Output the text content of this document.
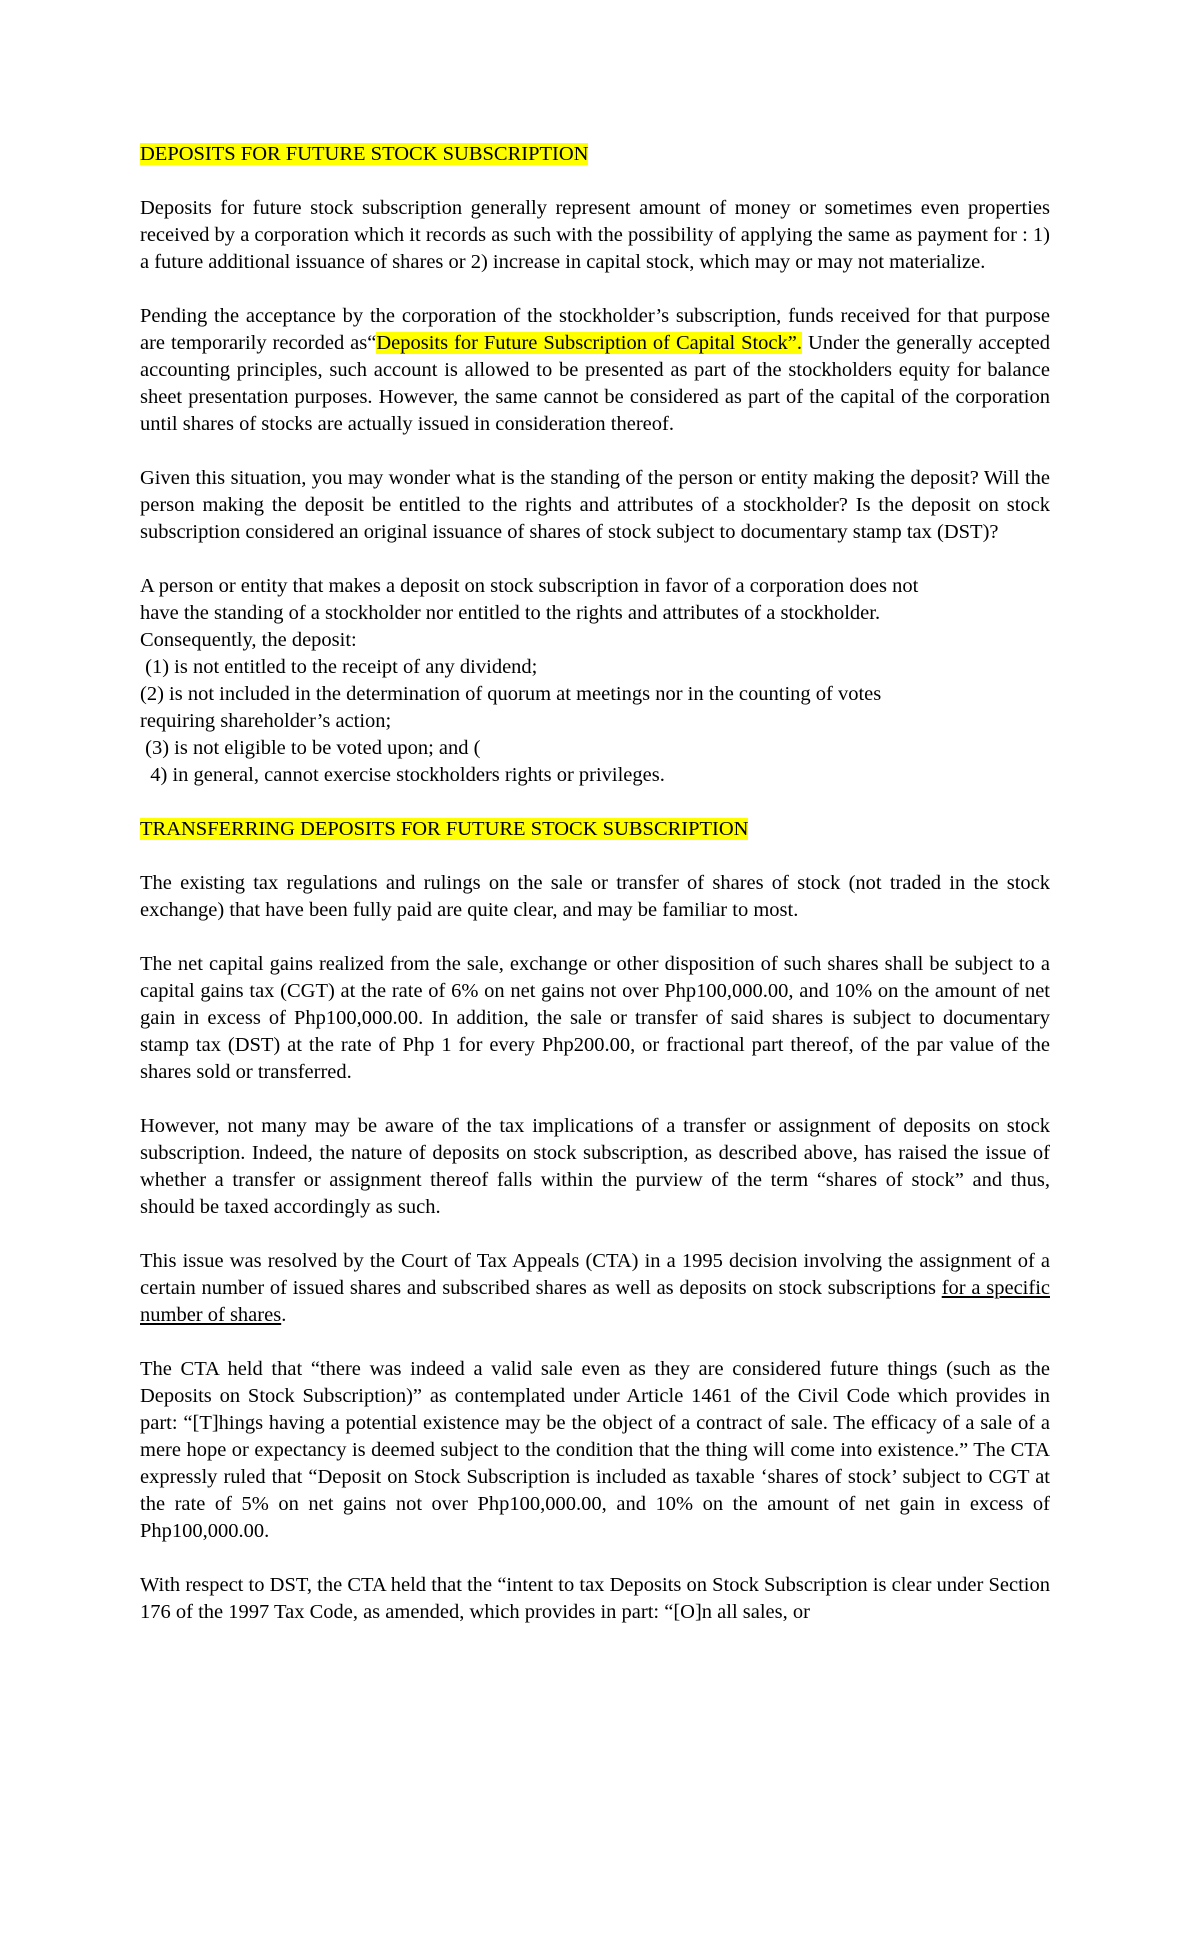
DEPOSITS FOR FUTURE STOCK SUBSCRIPTION

Deposits for future stock subscription generally represent amount of money or sometimes even properties received by a corporation which it records as such with the possibility of applying the same as payment for : 1) a future additional issuance of shares or 2) increase in capital stock, which may or may not materialize.

Pending the acceptance by the corporation of the stockholder’s subscription, funds received for that purpose are temporarily recorded as“Deposits for Future Subscription of Capital Stock”. Under the generally accepted accounting principles, such account is allowed to be presented as part of the stockholders equity for balance sheet presentation purposes. However, the same cannot be considered as part of the capital of the corporation until shares of stocks are actually issued in consideration thereof.

Given this situation, you may wonder what is the standing of the person or entity making the deposit? Will the person making the deposit be entitled to the rights and attributes of a stockholder? Is the deposit on stock subscription considered an original issuance of shares of stock subject to documentary stamp tax (DST)?

A person or entity that makes a deposit on stock subscription in favor of a corporation does not
have the standing of a stockholder nor entitled to the rights and attributes of a stockholder.
Consequently, the deposit:
(1) is not entitled to the receipt of any dividend;
(2) is not included in the determination of quorum at meetings nor in the counting of votes
requiring shareholder’s action;
(3) is not eligible to be voted upon; and (
4) in general, cannot exercise stockholders rights or privileges.

TRANSFERRING DEPOSITS FOR FUTURE STOCK SUBSCRIPTION

The existing tax regulations and rulings on the sale or transfer of shares of stock (not traded in the stock exchange) that have been fully paid are quite clear, and may be familiar to most.

The net capital gains realized from the sale, exchange or other disposition of such shares shall be subject to a capital gains tax (CGT) at the rate of 6% on net gains not over Php100,000.00, and 10% on the amount of net gain in excess of Php100,000.00. In addition, the sale or transfer of said shares is subject to documentary stamp tax (DST) at the rate of Php 1 for every Php200.00, or fractional part thereof, of the par value of the shares sold or transferred.

However, not many may be aware of the tax implications of a transfer or assignment of deposits on stock subscription. Indeed, the nature of deposits on stock subscription, as described above, has raised the issue of whether a transfer or assignment thereof falls within the purview of the term “shares of stock” and thus, should be taxed accordingly as such.

This issue was resolved by the Court of Tax Appeals (CTA) in a 1995 decision involving the assignment of a certain number of issued shares and subscribed shares as well as deposits on stock subscriptions for a specific number of shares.

The CTA held that “there was indeed a valid sale even as they are considered future things (such as the Deposits on Stock Subscription)” as contemplated under Article 1461 of the Civil Code which provides in part: “[T]hings having a potential existence may be the object of a contract of sale. The efficacy of a sale of a mere hope or expectancy is deemed subject to the condition that the thing will come into existence.” The CTA expressly ruled that “Deposit on Stock Subscription is included as taxable ‘shares of stock’ subject to CGT at the rate of 5% on net gains not over Php100,000.00, and 10% on the amount of net gain in excess of Php100,000.00.

With respect to DST, the CTA held that the “intent to tax Deposits on Stock Subscription is clear under Section 176 of the 1997 Tax Code, as amended, which provides in part: “[O]n all sales, or
